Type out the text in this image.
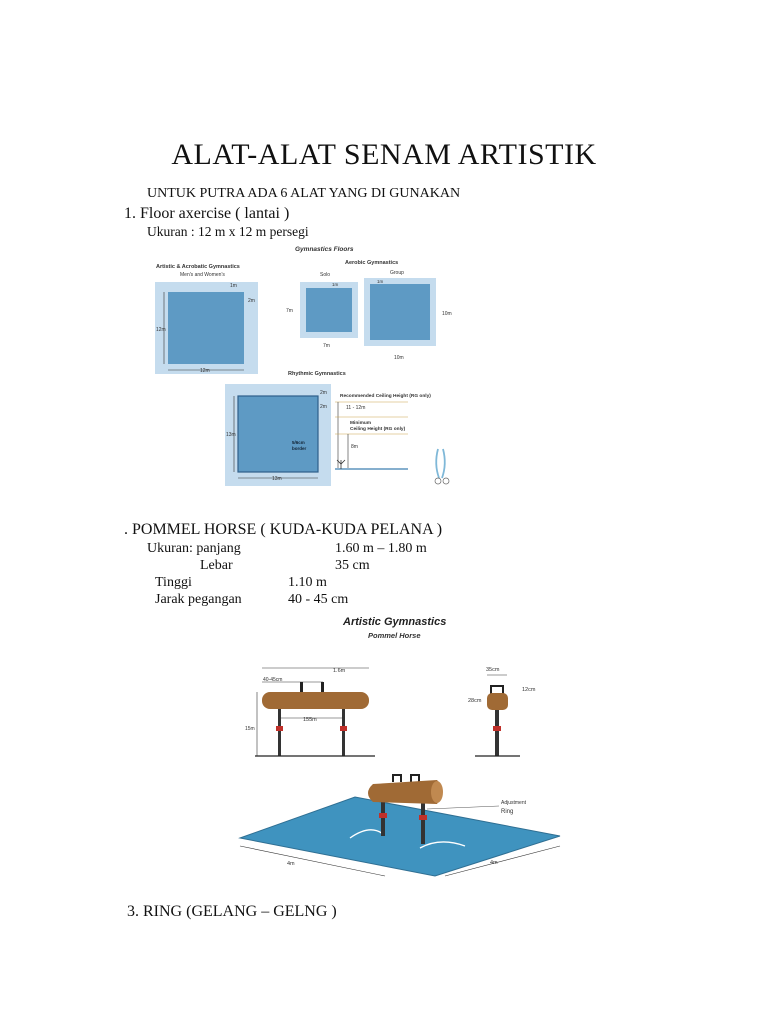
ALAT-ALAT SENAM ARTISTIK
UNTUK PUTRA ADA 6 ALAT YANG DI GUNAKAN
1. Floor axercise ( lantai )
Ukuran : 12 m x 12 m persegi
Gymnastics Floors
Artistic & Acrobatic Gymnastics
Men's and Women's
1m
2m
12m
12m
Aerobic Gymnastics
Solo	Group
1m
7m
7m
1m
10m
10m
Rhythmic Gymnastics
2m
2m
13m
13m
5/6cm
border
Recommended Ceiling Height (RG only)
11 - 12m
Minimum
Ceiling Height (RG only)
8m
. POMMEL HORSE ( KUDA-KUDA PELANA )
Ukuran: panjang	1.60 m – 1.80 m
Lebar	35 cm
Tinggi	1.10 m
Jarak pegangan	40 - 45 cm
Artistic Gymnastics
Pommel Horse
1.6m
40-45cm
155m
15m
35cm
12cm
28cm
Adjustment
Ring
4m	4m
3. RING (GELANG – GELNG )
